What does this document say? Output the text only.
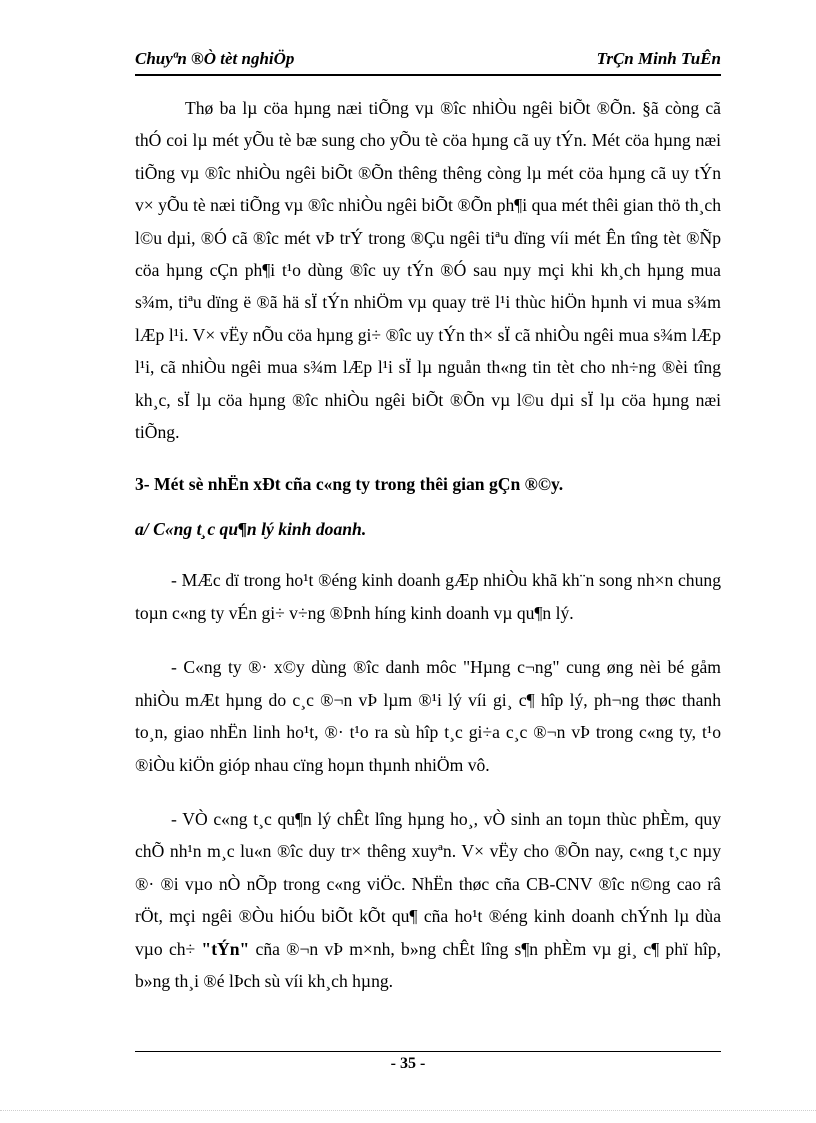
Chuyªn ®Ò tèt nghiÖp	TrÇn Minh TuÊn

Thø ba lµ cöa hµng næi tiÕng vµ ®îc nhiÒu ngêi biÕt ®Õn. §ã còng cã thÓ coi lµ mét yÕu tè bæ sung cho yÕu tè cöa hµng cã uy tÝn. Mét cöa hµng næi tiÕng vµ ®îc nhiÒu ngêi biÕt ®Õn thêng thêng còng lµ mét cöa hµng cã uy tÝn v× yÕu tè næi tiÕng vµ ®îc nhiÒu ngêi biÕt ®Õn ph¶i qua mét thêi gian thö th¸ch l©u dµi, ®Ó cã ®îc mét vÞ trÝ trong ®Çu ngêi tiªu dïng víi mét Ên tîng tèt ®Ñp cöa hµng cÇn ph¶i t¹o dùng ®îc uy tÝn ®Ó sau nµy mçi khi kh¸ch hµng mua s¾m, tiªu dïng ë ®ã hä sÏ tÝn nhiÖm vµ quay trë l¹i thùc hiÖn hµnh vi mua s¾m lÆp l¹i. V× vËy nÕu cöa hµng gi÷ ®îc uy tÝn th× sÏ cã nhiÒu ngêi mua s¾m lÆp l¹i, cã nhiÒu ngêi mua s¾m lÆp l¹i sÏ lµ nguån th«ng tin tèt cho nh÷ng ®èi tîng kh¸c, sÏ lµ cöa hµng ®îc nhiÒu ngêi biÕt ®Õn vµ l©u dµi sÏ lµ cöa hµng næi tiÕng.

3- Mét sè nhËn xÐt cña c«ng ty trong thêi gian gÇn ®©y.

a/ C«ng t¸c qu¶n lý kinh doanh.

- MÆc dï trong ho¹t ®éng kinh doanh gÆp nhiÒu khã kh¨n song nh×n chung toµn c«ng ty vÉn gi÷ v÷ng ®Þnh híng kinh doanh vµ qu¶n lý.

- C«ng ty ®· x©y dùng ®îc danh môc "Hµng c¬ng" cung øng nèi bé gåm nhiÒu mÆt hµng do c¸c ®¬n vÞ lµm ®¹i lý víi gi¸ c¶ hîp lý, ph¬ng thøc thanh to¸n, giao nhËn linh ho¹t, ®· t¹o ra sù hîp t¸c gi÷a c¸c ®¬n vÞ trong c«ng ty, t¹o ®iÒu kiÖn gióp nhau cïng hoµn thµnh nhiÖm vô.

- VÒ c«ng t¸c qu¶n lý chÊt lîng hµng ho¸, vÒ sinh an toµn thùc phÈm, quy chÕ nh¹n m¸c lu«n ®îc duy tr× thêng xuyªn. V× vËy cho ®Õn nay, c«ng t¸c nµy ®· ®i vµo nÒ nÕp trong c«ng viÖc. NhËn thøc cña CB-CNV ®îc n©ng cao râ rÖt, mçi ngêi ®Òu hiÓu biÕt kÕt qu¶ cña ho¹t ®éng kinh doanh chÝnh lµ dùa vµo ch÷ "tÝn" cña ®¬n vÞ m×nh, b»ng chÊt lîng s¶n phÈm vµ gi¸ c¶ phï hîp, b»ng th¸i ®é lÞch sù víi kh¸ch hµng.

- 35 -
